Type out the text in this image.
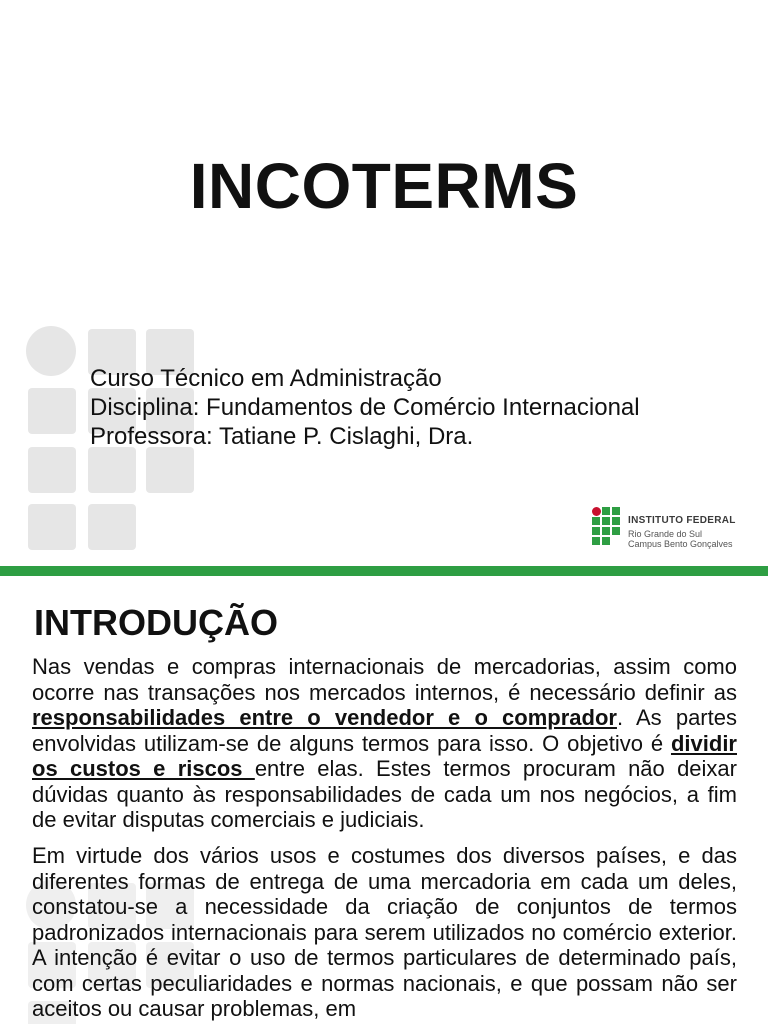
INCOTERMS
Curso Técnico em Administração
Disciplina: Fundamentos de Comércio Internacional
Professora: Tatiane P. Cislaghi, Dra.
INSTITUTO FEDERAL
Rio Grande do Sul
Campus Bento Gonçalves
INTRODUÇÃO
Nas vendas e compras internacionais de mercadorias, assim como ocorre nas transações nos mercados internos, é necessário definir as responsabilidades entre o vendedor e o comprador. As partes envolvidas utilizam-se de alguns termos para isso. O objetivo é dividir os custos e riscos entre elas. Estes termos procuram não deixar dúvidas quanto às responsabilidades de cada um nos negócios, a fim de evitar disputas comerciais e judiciais.
Em virtude dos vários usos e costumes dos diversos países, e das diferentes formas de entrega de uma mercadoria em cada um deles, constatou-se a necessidade da criação de conjuntos de termos padronizados internacionais para serem utilizados no comércio exterior. A intenção é evitar o uso de termos particulares de determinado país, com certas peculiaridades e normas nacionais, e que possam não ser aceitos ou causar problemas, em
